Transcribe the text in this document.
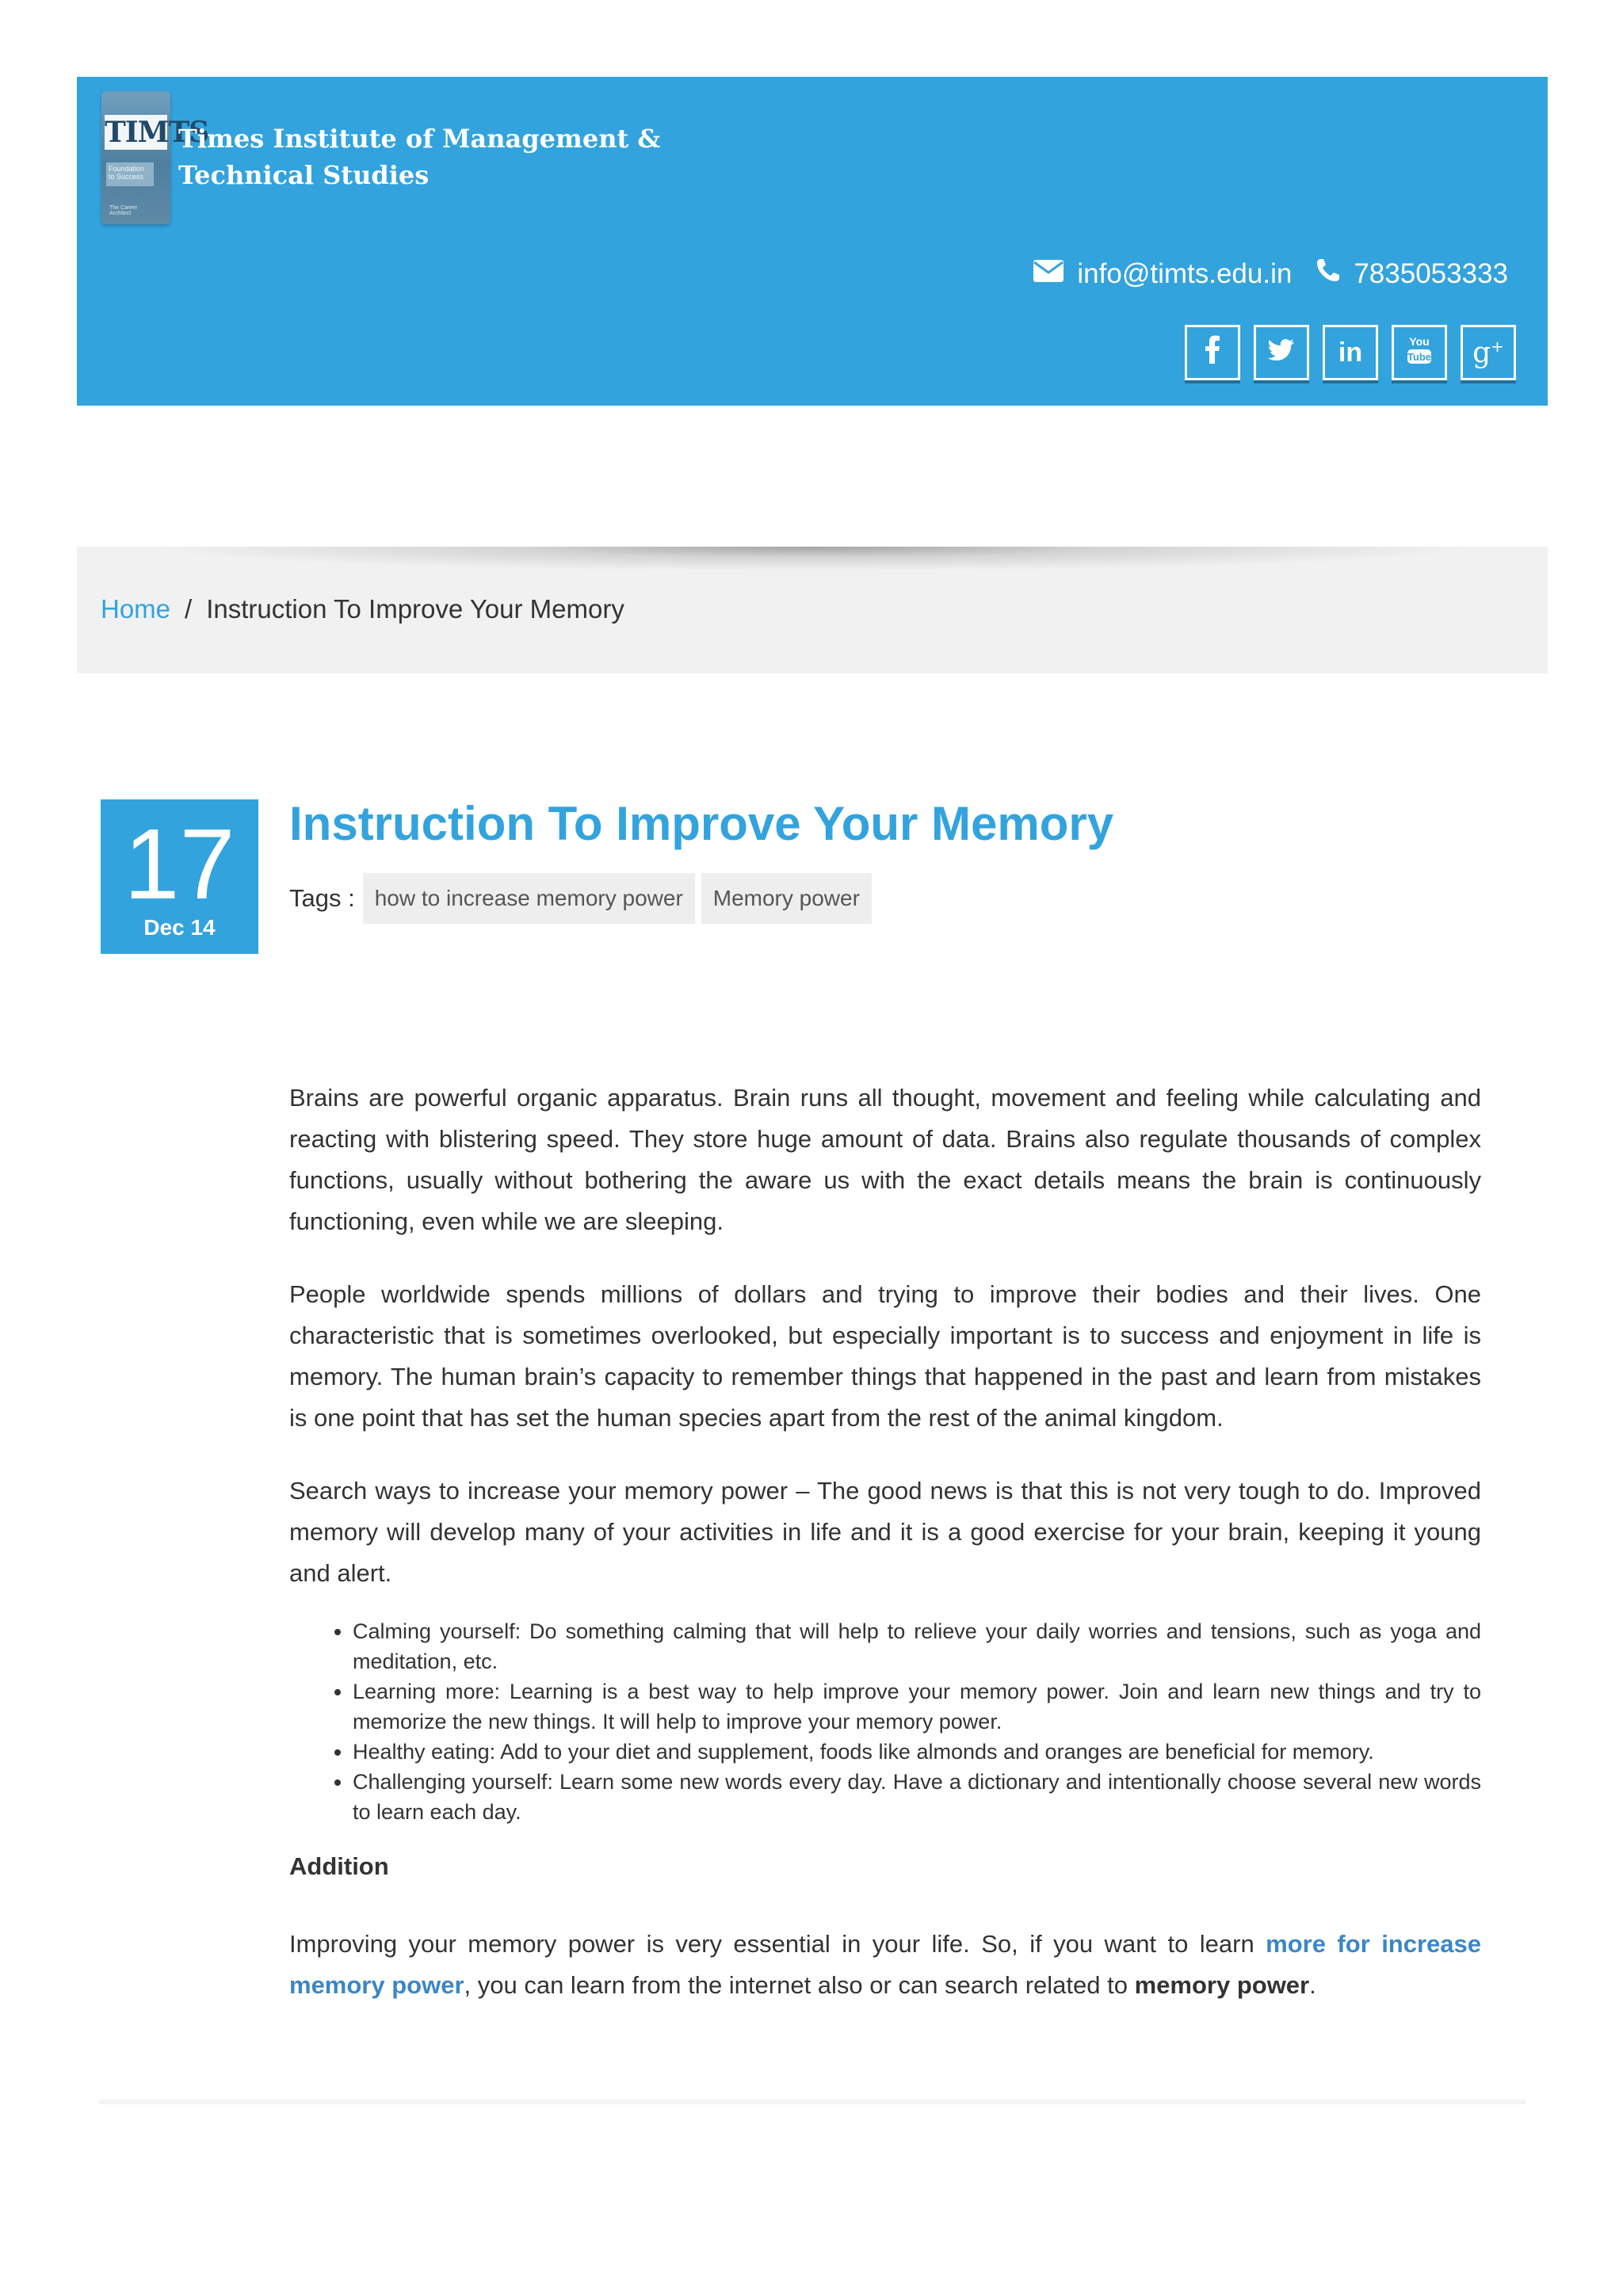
TIMTS
Foundation to Success
The Career Architect
Times Institute of Management &
Technical Studies
info@timts.edu.in 7835053333
in	You
Tube g+
Home / Instruction To Improve Your Memory
17
Dec 14
Instruction To Improve Your Memory
Tags : how to increase memory power	Memory power

Brains are powerful organic apparatus. Brain runs all thought, movement and feeling while calculating and reacting with blistering speed. They store huge amount of data. Brains also regulate thousands of complex functions, usually without bothering the aware us with the exact details means the brain is continuously functioning, even while we are sleeping.

People worldwide spends millions of dollars and trying to improve their bodies and their lives. One characteristic that is sometimes overlooked, but especially important is to success and enjoyment in life is memory. The human brain’s capacity to remember things that happened in the past and learn from mistakes is one point that has set the human species apart from the rest of the animal kingdom.

Search ways to increase your memory power – The good news is that this is not very tough to do. Improved memory will develop many of your activities in life and it is a good exercise for your brain, keeping it young and alert.

• Calming yourself: Do something calming that will help to relieve your daily worries and tensions, such as yoga and meditation, etc.
• Learning more: Learning is a best way to help improve your memory power. Join and learn new things and try to memorize the new things. It will help to improve your memory power.
• Healthy eating: Add to your diet and supplement, foods like almonds and oranges are beneficial for memory.
• Challenging yourself: Learn some new words every day. Have a dictionary and intentionally choose several new words to learn each day.
Addition

Improving your memory power is very essential in your life. So, if you want to learn more for increase memory power, you can learn from the internet also or can search related to memory power.
